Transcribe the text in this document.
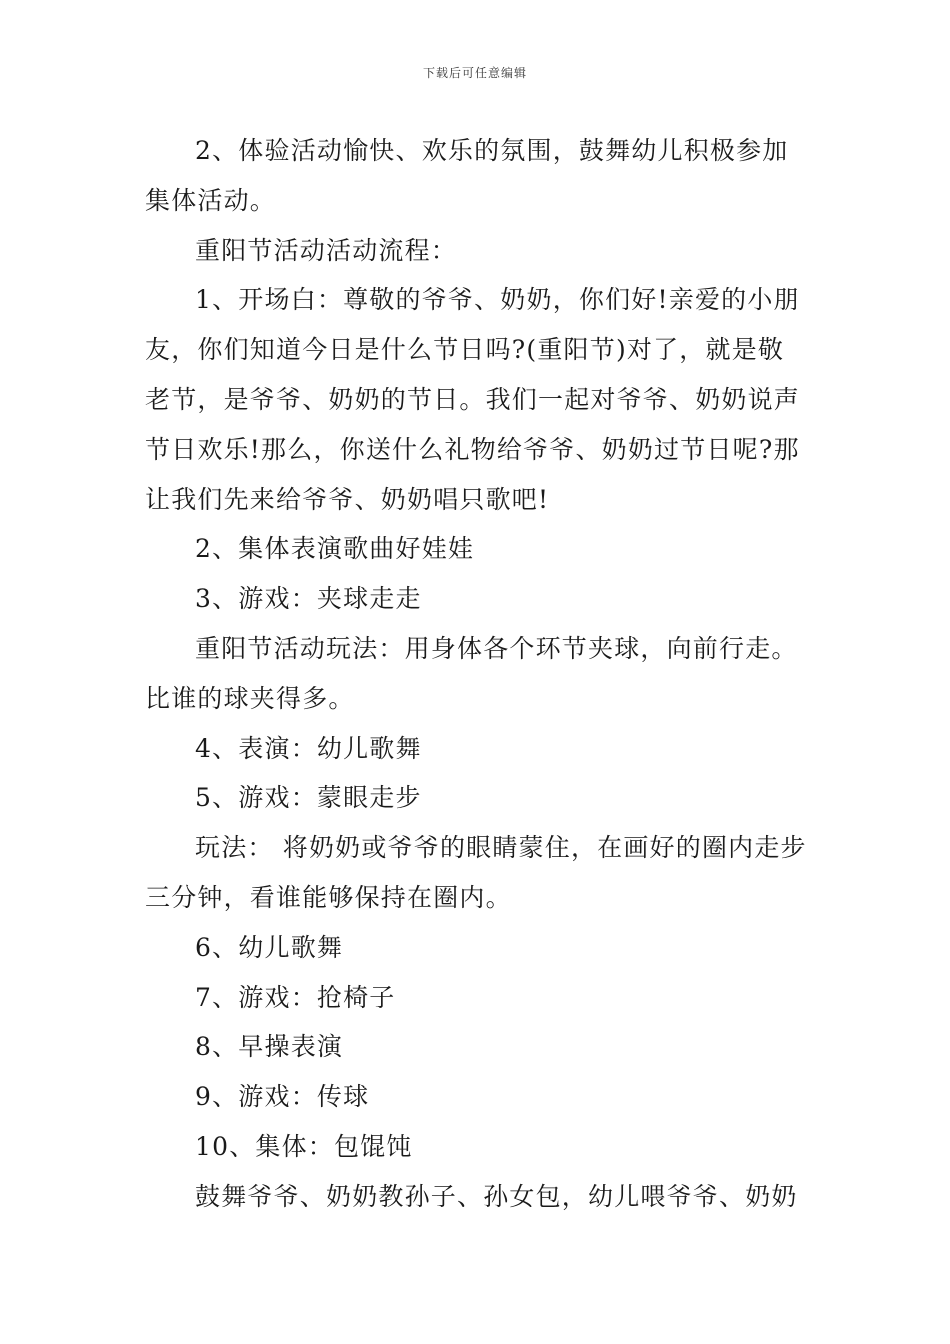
下载后可任意编辑

2、体验活动愉快、欢乐的氛围，鼓舞幼儿积极参加集体活动。

重阳节活动活动流程：

1、开场白：尊敬的爷爷、奶奶，你们好!亲爱的小朋友，你们知道今日是什么节日吗?(重阳节)对了，就是敬老节，是爷爷、奶奶的节日。我们一起对爷爷、奶奶说声节日欢乐!那么，你送什么礼物给爷爷、奶奶过节日呢?那让我们先来给爷爷、奶奶唱只歌吧!

2、集体表演歌曲好娃娃

3、游戏：夹球走走

重阳节活动玩法：用身体各个环节夹球，向前行走。比谁的球夹得多。

4、表演：幼儿歌舞

5、游戏：蒙眼走步

玩法： 将奶奶或爷爷的眼睛蒙住，在画好的圈内走步三分钟，看谁能够保持在圈内。

6、幼儿歌舞

7、游戏：抢椅子

8、早操表演

9、游戏：传球

10、集体：包馄饨

鼓舞爷爷、奶奶教孙子、孙女包，幼儿喂爷爷、奶奶
